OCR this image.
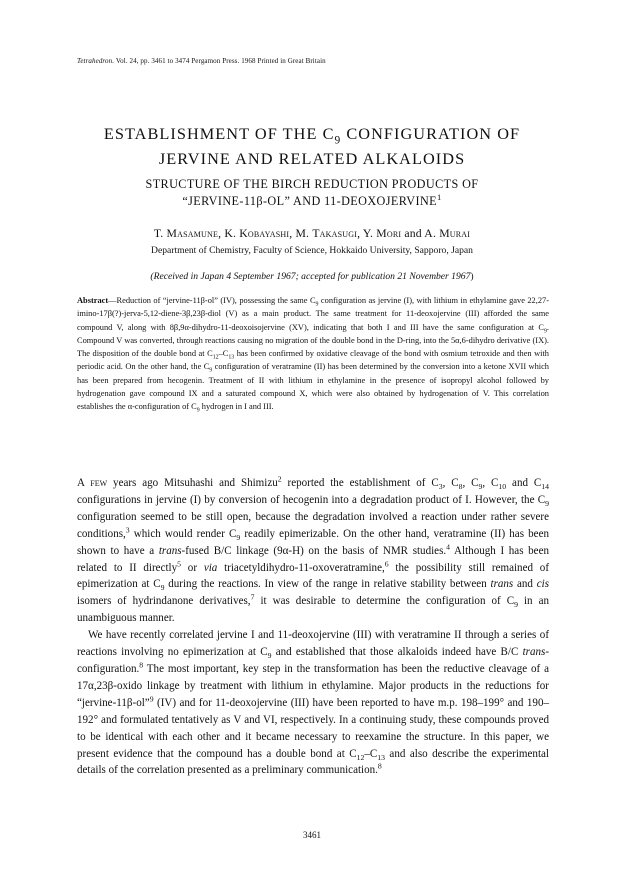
Tetrahedron. Vol. 24, pp. 3461 to 3474 Pergamon Press. 1968 Printed in Great Britain
ESTABLISHMENT OF THE $C_9$ CONFIGURATION OF
JERVINE AND RELATED ALKALOIDS
STRUCTURE OF THE BIRCH REDUCTION PRODUCTS OF
“JERVINE-11β-OL” AND 11-DEOXOJERVINE$^1$
T. Masamune, K. Kobayashi, M. Takasugi, Y. Mori and A. Murai
Department of Chemistry, Faculty of Science, Hokkaido University, Sapporo, Japan
(Received in Japan 4 September 1967; accepted for publication 21 November 1967)
Abstract—Reduction of “jervine-11β-ol” (IV), possessing the same $C_9$ configuration as jervine (I), with lithium in ethylamine gave 22,27-imino-17β(?)-jerva-5,12-diene-3β,23β-diol (V) as a main product. The same treatment for 11-deoxojervine (III) afforded the same compound V, along with 8β,9α-dihydro-11-deoxoisojervine (XV), indicating that both I and III have the same configuration at $C_9$. Compound V was converted, through reactions causing no migration of the double bond in the D-ring, into the 5α,6-dihydro derivative (IX). The disposition of the double bond at $C_{12}-C_{13}$ has been confirmed by oxidative cleavage of the bond with osmium tetroxide and then with periodic acid. On the other hand, the $C_9$ configuration of veratramine (II) has been determined by the conversion into a ketone XVII which has been prepared from hecogenin. Treatment of II with lithium in ethylamine in the presence of isopropyl alcohol followed by hydrogenation gave compound IX and a saturated compound X, which were also obtained by hydrogenation of V. This correlation establishes the α-configuration of $C_9$ hydrogen in I and III.

A few years ago Mitsuhashi and Shimizu$^2$ reported the establishment of $C_3$, $C_8$, $C_9$, $C_{10}$ and $C_{14}$ configurations in jervine (I) by conversion of hecogenin into a degradation product of I. However, the $C_9$ configuration seemed to be still open, because the degradation involved a reaction under rather severe conditions,$^3$ which would render $C_9$ readily epimerizable. On the other hand, veratramine (II) has been shown to have a trans-fused B/C linkage (9α-H) on the basis of NMR studies.$^4$ Although I has been related to II directly$^5$ or via triacetyldihydro-11-oxoveratramine,$^6$ the possibility still remained of epimerization at $C_9$ during the reactions. In view of the range in relative stability between trans and cis isomers of hydrindanone derivatives,$^7$ it was desirable to determine the configuration of $C_9$ in an unambiguous manner.

We have recently correlated jervine I and 11-deoxojervine (III) with veratramine II through a series of reactions involving no epimerization at $C_9$ and established that those alkaloids indeed have B/C trans-configuration.$^8$ The most important, key step in the transformation has been the reductive cleavage of a 17α,23β-oxido linkage by treatment with lithium in ethylamine. Major products in the reductions for “jervine-11β-ol”$^9$ (IV) and for 11-deoxojervine (III) have been reported to have m.p. 198–199° and 190–192° and formulated tentatively as V and VI, respectively. In a continuing study, these compounds proved to be identical with each other and it became necessary to reexamine the structure. In this paper, we present evidence that the compound has a double bond at $C_{12}-C_{13}$ and also describe the experimental details of the correlation presented as a preliminary communication.$^8$

3461
